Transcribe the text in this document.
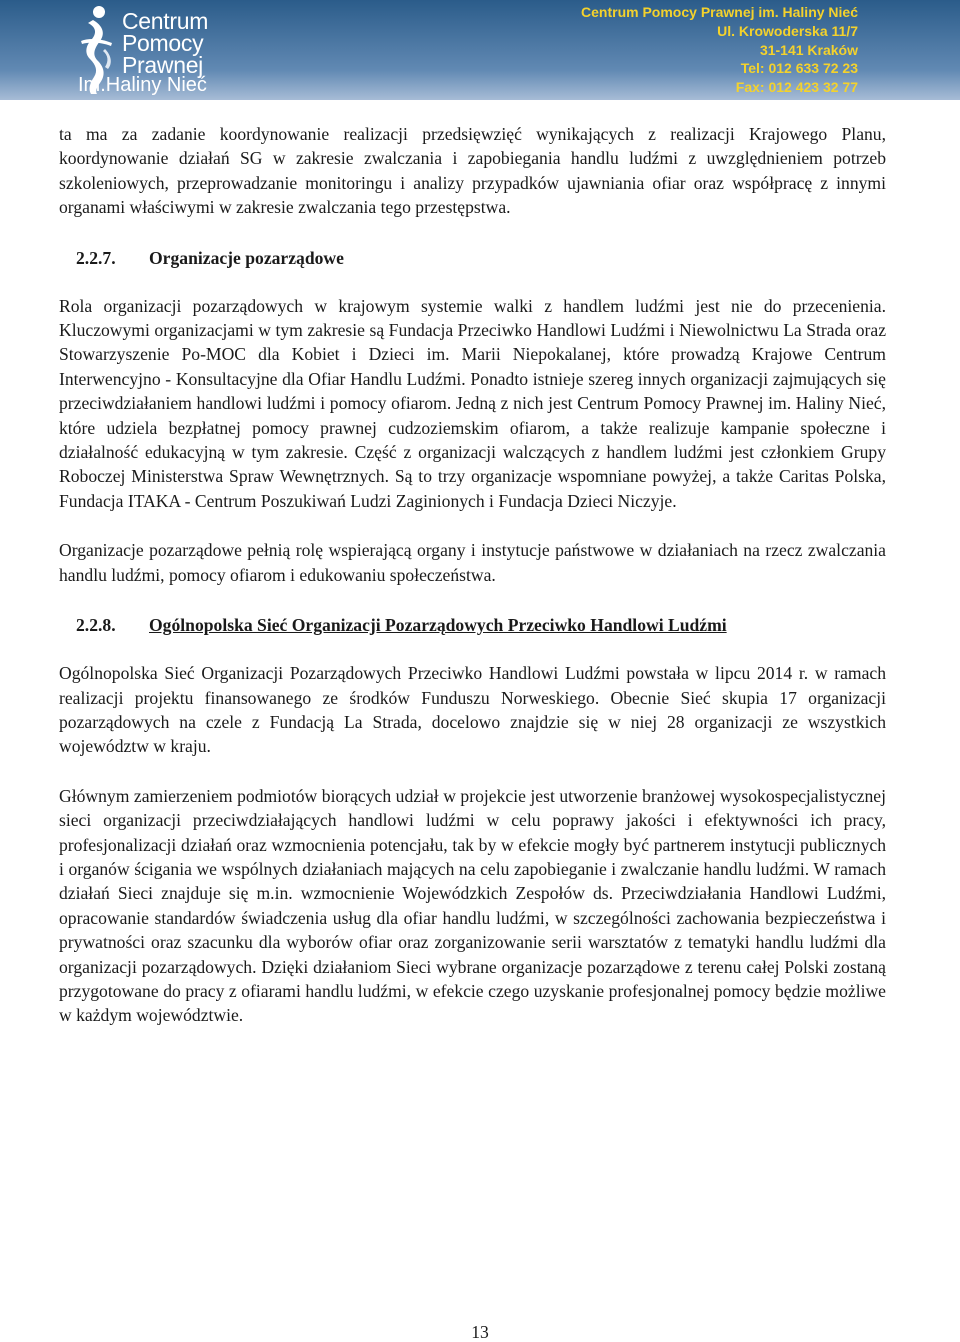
Centrum
Pomocy
Prawnej
Im.Haliny Nieć
Centrum Pomocy Prawnej im. Haliny Nieć
Ul. Krowoderska 11/7
31-141 Kraków
Tel: 012 633 72 23
Fax: 012 423 32 77

ta ma za zadanie koordynowanie realizacji przedsięwzięć wynikających z realizacji Krajowego Planu, koordynowanie działań SG w zakresie zwalczania i zapobiegania handlu ludźmi z uwzględnieniem potrzeb szkoleniowych, przeprowadzanie monitoringu i analizy przypadków ujawniania ofiar oraz współpracę z innymi organami właściwymi w zakresie zwalczania tego przestępstwa.

2.2.7. Organizacje pozarządowe

Rola organizacji pozarządowych w krajowym systemie walki z handlem ludźmi jest nie do przecenienia. Kluczowymi organizacjami w tym zakresie są Fundacja Przeciwko Handlowi Ludźmi i Niewolnictwu La Strada oraz Stowarzyszenie Po-MOC dla Kobiet i Dzieci im. Marii Niepokalanej, które prowadzą Krajowe Centrum Interwencyjno - Konsultacyjne dla Ofiar Handlu Ludźmi. Ponadto istnieje szereg innych organizacji zajmujących się przeciwdziałaniem handlowi ludźmi i pomocy ofiarom. Jedną z nich jest Centrum Pomocy Prawnej im. Haliny Nieć, które udziela bezpłatnej pomocy prawnej cudzoziemskim ofiarom, a także realizuje kampanie społeczne i działalność edukacyjną w tym zakresie. Część z organizacji walczących z handlem ludźmi jest członkiem Grupy Roboczej Ministerstwa Spraw Wewnętrznych. Są to trzy organizacje wspomniane powyżej, a także Caritas Polska, Fundacja ITAKA - Centrum Poszukiwań Ludzi Zaginionych i Fundacja Dzieci Niczyje.

Organizacje pozarządowe pełnią rolę wspierającą organy i instytucje państwowe w działaniach na rzecz zwalczania handlu ludźmi, pomocy ofiarom i edukowaniu społeczeństwa.

2.2.8. Ogólnopolska Sieć Organizacji Pozarządowych Przeciwko Handlowi Ludźmi

Ogólnopolska Sieć Organizacji Pozarządowych Przeciwko Handlowi Ludźmi powstała w lipcu 2014 r. w ramach realizacji projektu finansowanego ze środków Funduszu Norweskiego. Obecnie Sieć skupia 17 organizacji pozarządowych na czele z Fundacją La Strada, docelowo znajdzie się w niej 28 organizacji ze wszystkich województw w kraju.

Głównym zamierzeniem podmiotów biorących udział w projekcie jest utworzenie branżowej wysokospecjalistycznej sieci organizacji przeciwdziałających handlowi ludźmi w celu poprawy jakości i efektywności ich pracy, profesjonalizacji działań oraz wzmocnienia potencjału, tak by w efekcie mogły być partnerem instytucji publicznych i organów ścigania we wspólnych działaniach mających na celu zapobieganie i zwalczanie handlu ludźmi. W ramach działań Sieci znajduje się m.in. wzmocnienie Wojewódzkich Zespołów ds. Przeciwdziałania Handlowi Ludźmi, opracowanie standardów świadczenia usług dla ofiar handlu ludźmi, w szczególności zachowania bezpieczeństwa i prywatności oraz szacunku dla wyborów ofiar oraz zorganizowanie serii warsztatów z tematyki handlu ludźmi dla organizacji pozarządowych. Dzięki działaniom Sieci wybrane organizacje pozarządowe z terenu całej Polski zostaną przygotowane do pracy z ofiarami handlu ludźmi, w efekcie czego uzyskanie profesjonalnej pomocy będzie możliwe w każdym województwie.

13
